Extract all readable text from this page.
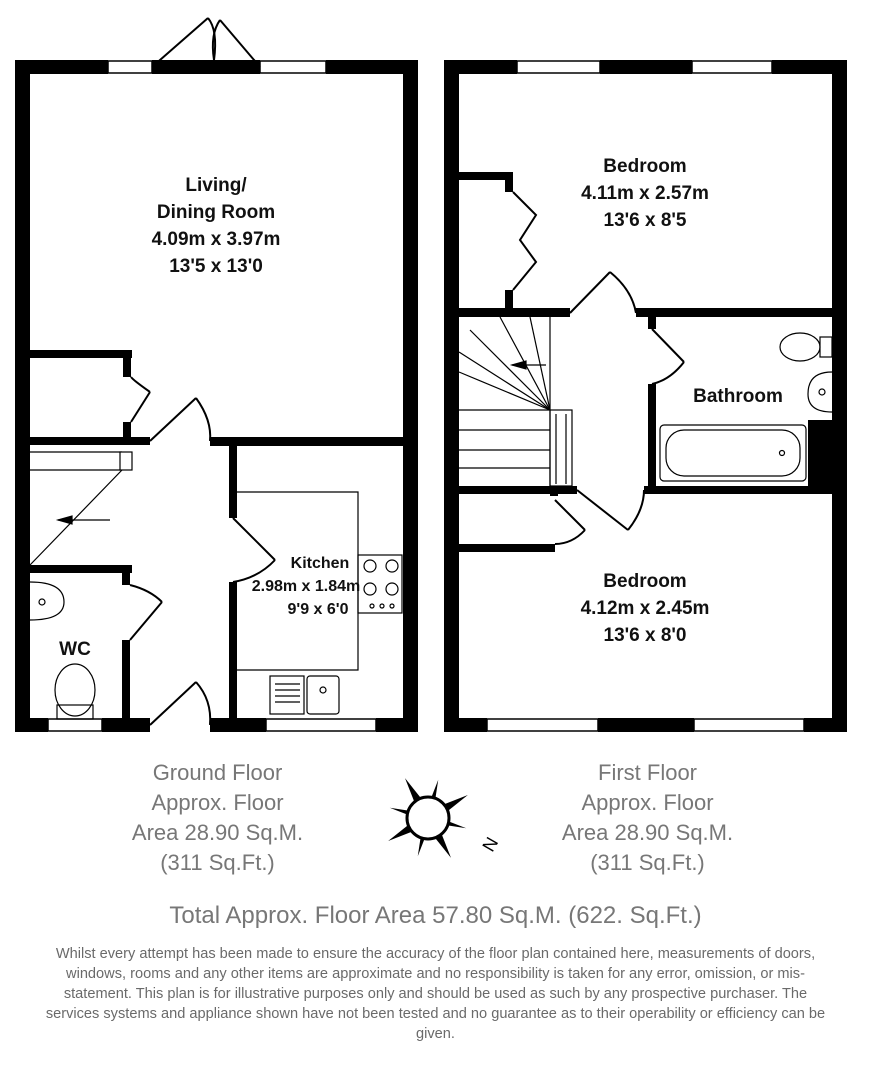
Living/
Dining Room
4.09m x 3.97m
13'5 x 13'0
Kitchen
2.98m x 1.84m
9'9 x 6'0
WC
Bedroom
4.11m x 2.57m
13'6 x 8'5
Bathroom
Bedroom
4.12m x 2.45m
13'6 x 8'0
N
Ground Floor
Approx. Floor
Area 28.90 Sq.M.
(311 Sq.Ft.)
First Floor
Approx. Floor
Area 28.90 Sq.M.
(311 Sq.Ft.)
Total Approx. Floor Area 57.80 Sq.M. (622. Sq.Ft.)
Whilst every attempt has been made to ensure the accuracy of the floor plan contained here, measurements of doors, windows, rooms and any other items are approximate and no responsibility is taken for any error, omission, or mis-statement. This plan is for illustrative purposes only and should be used as such by any prospective purchaser. The services systems and appliance shown have not been tested and no guarantee as to their operability or efficiency can be given.
